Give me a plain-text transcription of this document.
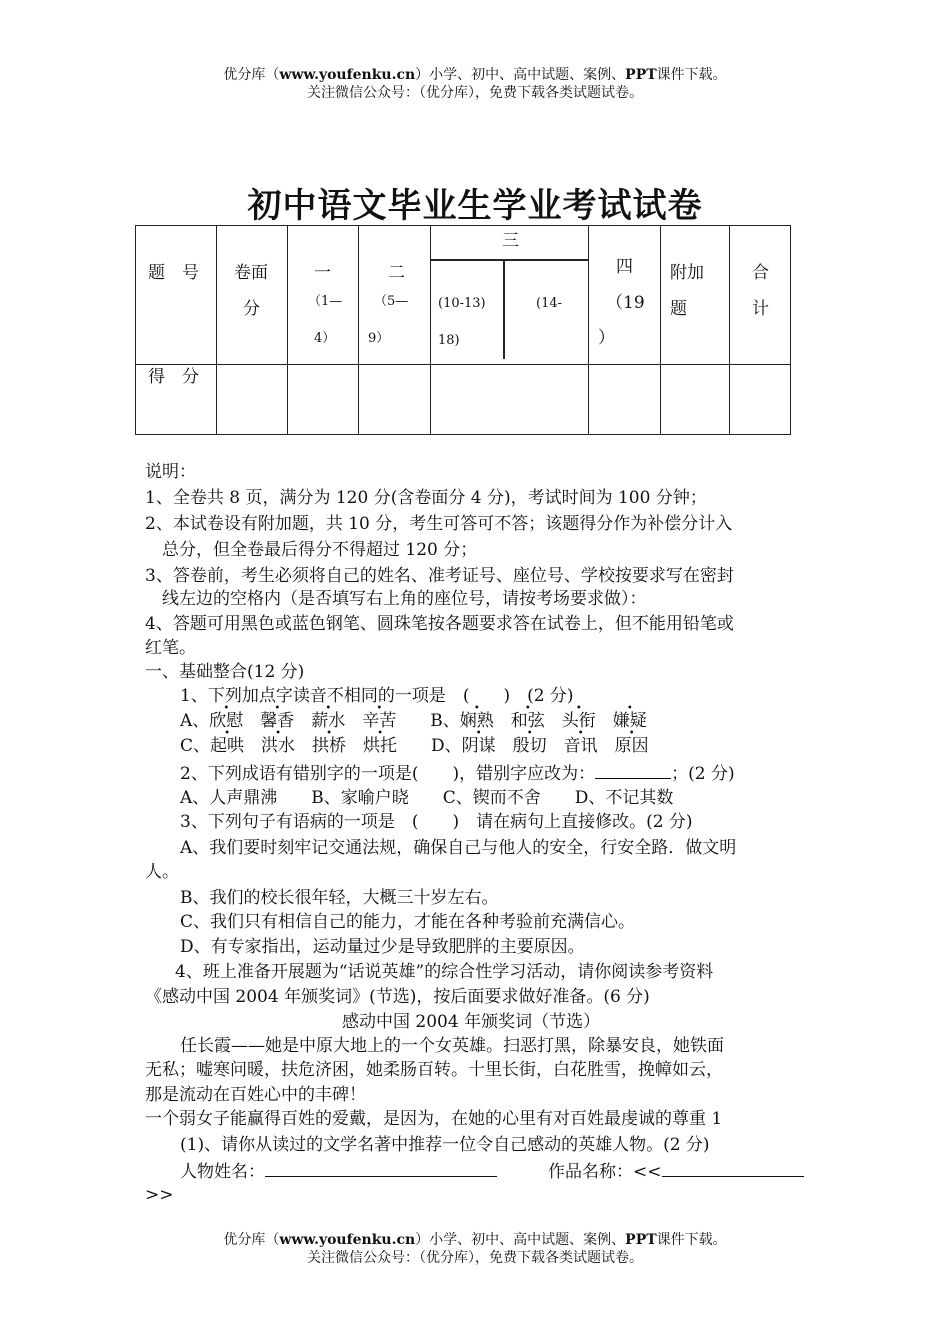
优分库（www.youfenku.cn）小学、初中、高中试题、案例、PPT课件下载。
关注微信公众号：（优分库），免费下载各类试题试卷。
初中语文毕业生学业考试试卷
题　号 卷面
分
一
（1—
4）
二
（5—
9）
三
(10-13)
18)
(14-
四
（19
）
附加
题
合
计
得　分
说明：
1、全卷共 8 页，满分为 120 分(含卷面分 4 分)，考试时间为 100 分钟；
2、本试卷设有附加题，共 10 分，考生可答可不答；该题得分作为补偿分计入
总分，但全卷最后得分不得超过 120 分；
3、答卷前，考生必须将自己的姓名、准考证号、座位号、学校按要求写在密封
线左边的空格内（是否填写右上角的座位号，请按考场要求做）：
4、答题可用黑色或蓝色钢笔、圆珠笔按各题要求答在试卷上，但不能用铅笔或
红笔。
一、基础整合(12 分)
1、下列加点字读音不相同的一项是　(　　)　(2 分)
A、欣慰　 馨香　 薪水　 辛苦　　 B、娴熟　 和弦　 头衔　 嫌疑
C、起哄　 洪水　 拱桥　 烘托　　 D、阴谋　 殷切　 音讯　 原因
2、下列成语有错别字的一项是(　　)，错别字应改为：	；(2 分)
A、人声鼎沸　　 B、家喻户晓　　 C、锲而不舍　　 D、不记其数
3、下列句子有语病的一项是　(　　)　请在病句上直接修改。(2 分)
A、我们要时刻牢记交通法规，确保自己与他人的安全，行安全路．做文明
人。
B、我们的校长很年轻，大概三十岁左右。
C、我们只有相信自己的能力，才能在各种考验前充满信心。
D、有专家指出，运动量过少是导致肥胖的主要原因。
4、班上准备开展题为“话说英雄”的综合性学习活动，请你阅读参考资料
《感动中国 2004 年颁奖词》(节选)，按后面要求做好准备。(6 分)
感动中国 2004 年颁奖词（节选）
任长霞——她是中原大地上的一个女英雄。扫恶打黑，除暴安良，她铁面
无私；嘘寒问暖，扶危济困，她柔肠百转。十里长街，白花胜雪，挽幛如云，
那是流动在百姓心中的丰碑！
一个弱女子能赢得百姓的爱戴，是因为，在她的心里有对百姓最虔诚的尊重 1
(1)、请你从读过的文学名著中推荐一位令自己感动的英雄人物。(2 分)
人物姓名：　　　	作品名称：<<
>>
优分库（www.youfenku.cn）小学、初中、高中试题、案例、PPT课件下载。
关注微信公众号：（优分库），免费下载各类试题试卷。
